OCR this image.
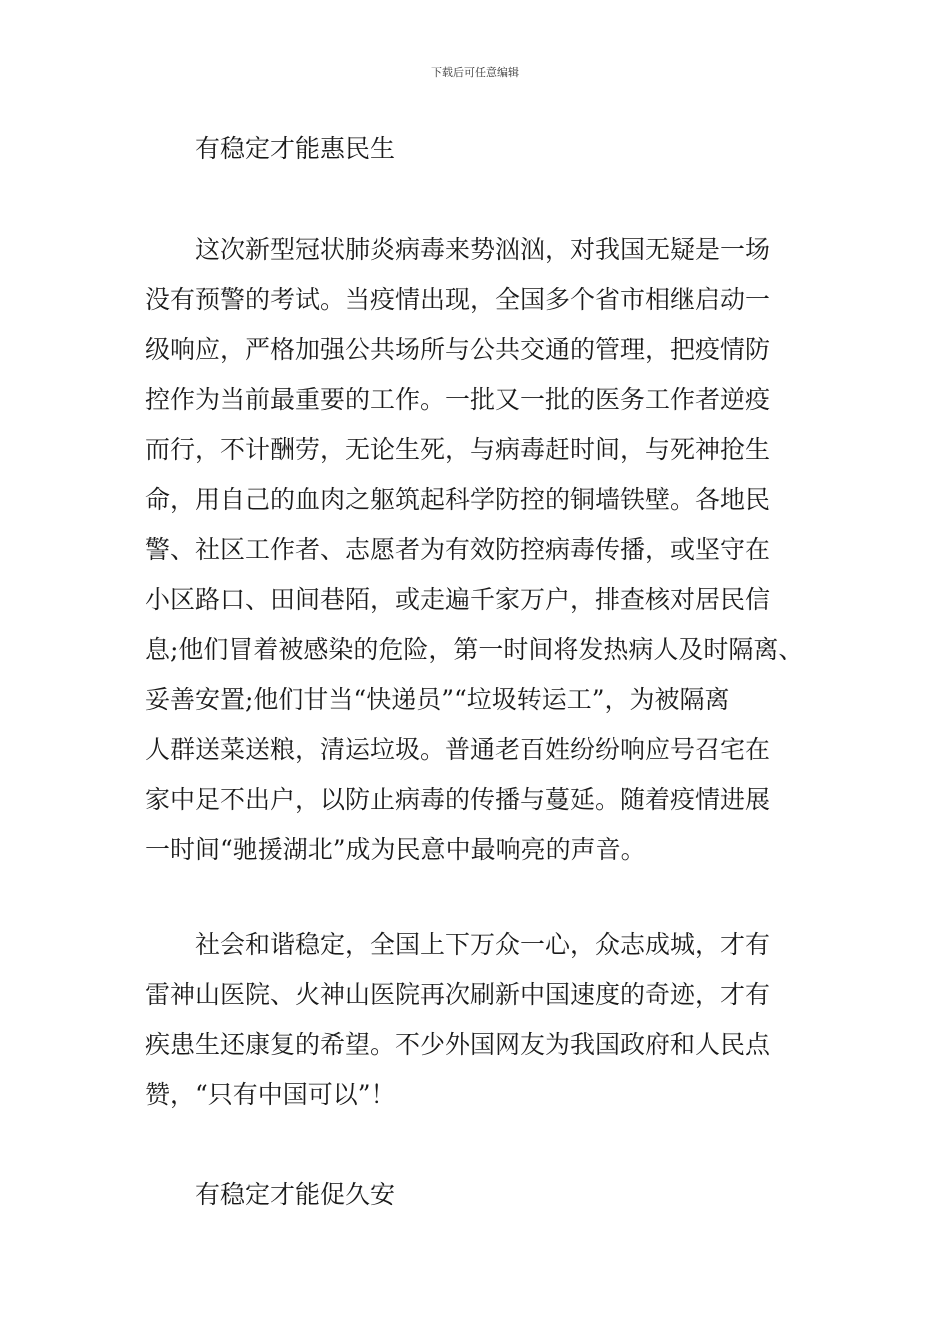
下载后可任意编辑
有稳定才能惠民生
这次新型冠状肺炎病毒来势汹汹，对我国无疑是一场
没有预警的考试。当疫情出现，全国多个省市相继启动一
级响应，严格加强公共场所与公共交通的管理，把疫情防
控作为当前最重要的工作。一批又一批的医务工作者逆疫
而行，不计酬劳，无论生死，与病毒赶时间，与死神抢生
命，用自己的血肉之躯筑起科学防控的铜墙铁壁。各地民
警、社区工作者、志愿者为有效防控病毒传播，或坚守在
小区路口、田间巷陌，或走遍千家万户，排查核对居民信
息;他们冒着被感染的危险，第一时间将发热病人及时隔离、
妥善安置;他们甘当“快递员”“垃圾转运工”，为被隔离
人群送菜送粮，清运垃圾。普通老百姓纷纷响应号召宅在
家中足不出户，以防止病毒的传播与蔓延。随着疫情进展
一时间“驰援湖北”成为民意中最响亮的声音。
社会和谐稳定，全国上下万众一心，众志成城，才有
雷神山医院、火神山医院再次刷新中国速度的奇迹，才有
疾患生还康复的希望。不少外国网友为我国政府和人民点
赞，“只有中国可以”！
有稳定才能促久安
